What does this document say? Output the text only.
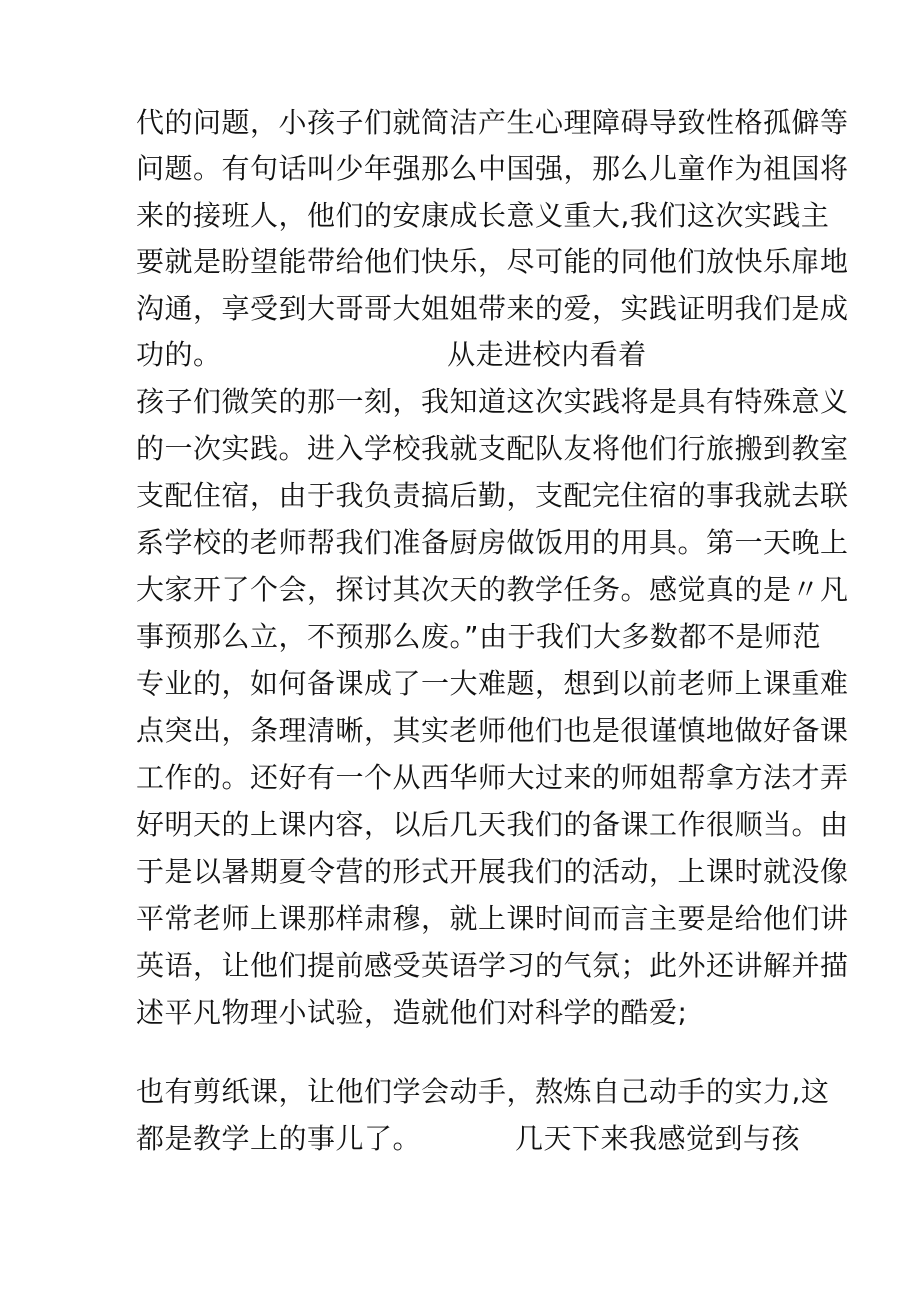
代的问题，小孩子们就简洁产生心理障碍导致性格孤僻等
问题。有句话叫少年强那么中国强，那么儿童作为祖国将
来的接班人，他们的安康成长意义重大,我们这次实践主
要就是盼望能带给他们快乐，尽可能的同他们放快乐扉地
沟通，享受到大哥哥大姐姐带来的爱，实践证明我们是成
功的。                        从走进校内看着
孩子们微笑的那一刻，我知道这次实践将是具有特殊意义
的一次实践。进入学校我就支配队友将他们行旅搬到教室
支配住宿，由于我负责搞后勤，支配完住宿的事我就去联
系学校的老师帮我们准备厨房做饭用的用具。第一天晚上
大家开了个会，探讨其次天的教学任务。感觉真的是〃凡
事预那么立，不预那么废。”由于我们大多数都不是师范
专业的，如何备课成了一大难题，想到以前老师上课重难
点突出，条理清晰，其实老师他们也是很谨慎地做好备课
工作的。还好有一个从西华师大过来的师姐帮拿方法才弄
好明天的上课内容，以后几天我们的备课工作很顺当。由
于是以暑期夏令营的形式开展我们的活动，上课时就没像
平常老师上课那样肃穆，就上课时间而言主要是给他们讲
英语，让他们提前感受英语学习的气氛；此外还讲解并描
述平凡物理小试验，造就他们对科学的酷爱;
也有剪纸课，让他们学会动手，熬炼自己动手的实力,这
都是教学上的事儿了。          几天下来我感觉到与孩
